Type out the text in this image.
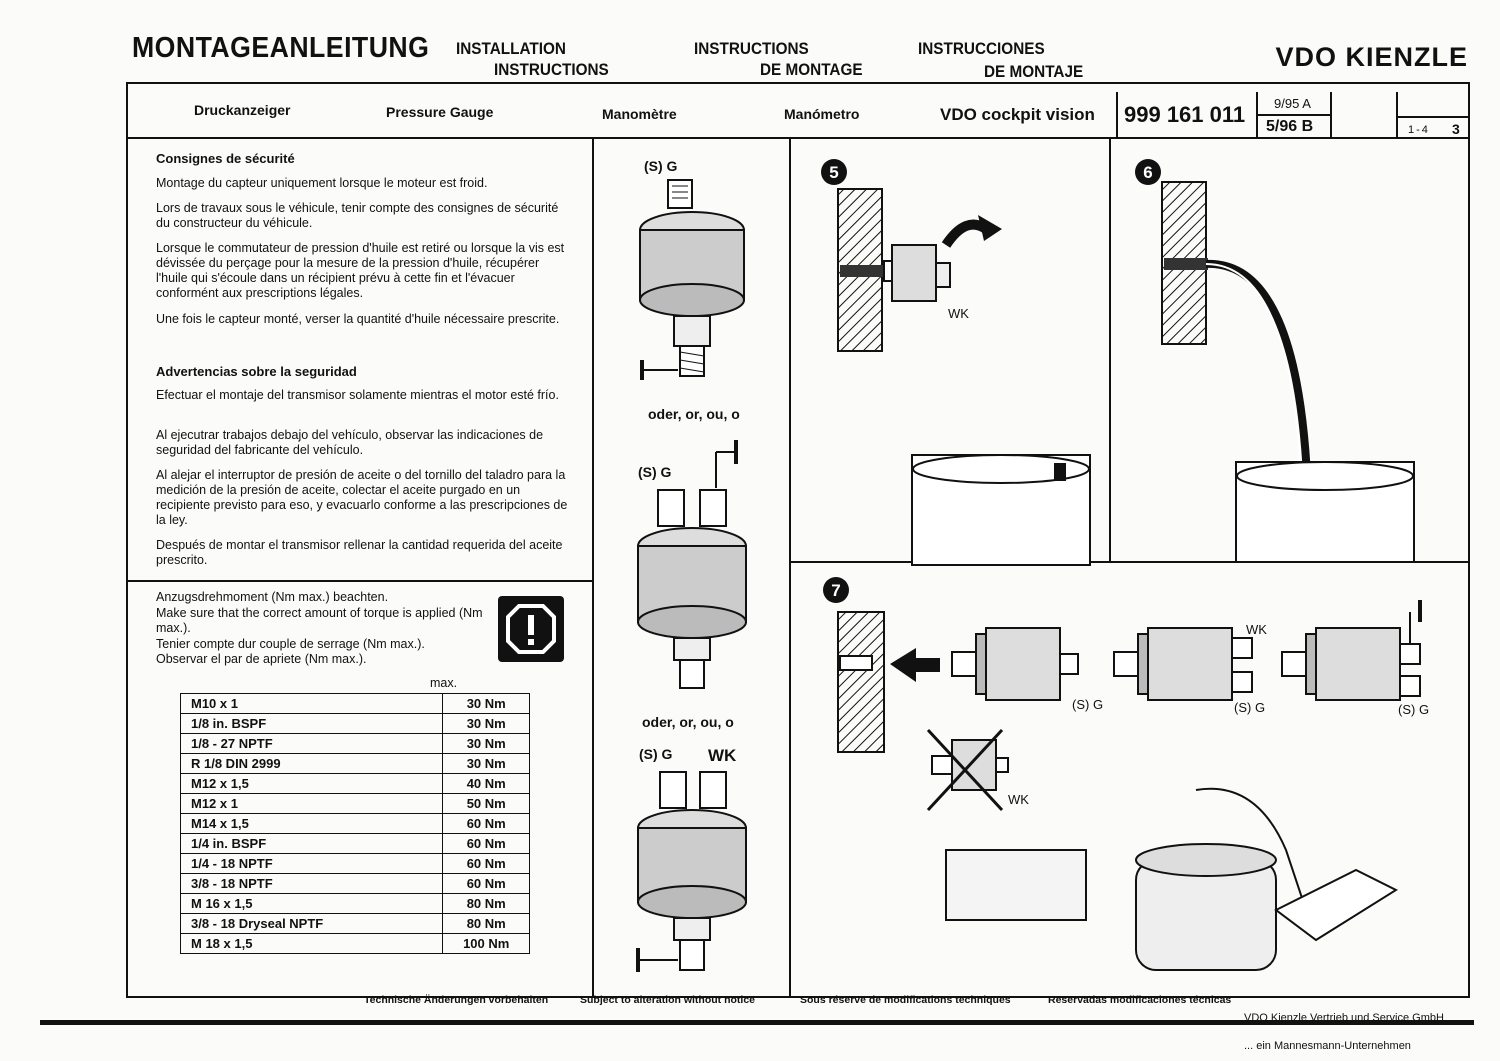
MONTAGEANLEITUNG INSTALLATION
INSTRUCTIONS
INSTRUCTIONS
DE MONTAGE
INSTRUCCIONES
DE MONTAJE	VDO KIENZLE
Druckanzeiger	Pressure Gauge	Manomètre	Manómetro	VDO cockpit vision 999 161 011 9/95 A
5/96 B	1-4 3
Consignes de sécurité
Montage du capteur uniquement lorsque le moteur est froid.
Lors de travaux sous le véhicule, tenir compte des consignes de sécurité du constructeur du véhicule.
Lorsque le commutateur de pression d'huile est retiré ou lorsque la vis est dévissée du perçage pour la mesure de la pression d'huile, récupérer l'huile qui s'écoule dans un récipient prévu à cette fin et l'évacuer conformént aux prescriptions légales.
Une fois le capteur monté, verser la quantité d'huile nécessaire prescrite.
Advertencias sobre la seguridad
Efectuar el montaje del transmisor solamente mientras el motor esté frío.
Al ejecutrar trabajos debajo del vehículo, observar las indicaciones de seguridad del fabricante del vehículo.
Al alejar el interruptor de presión de aceite o del tornillo del taladro para la medición de la presión de aceite, colectar el aceite purgado en un recipiente previsto para eso, y evacuarlo conforme a las prescripciones de la ley.
Después de montar el transmisor rellenar la cantidad requerida del aceite prescrito.
Anzugsdrehmoment (Nm max.) beachten.
Make sure that the correct amount of torque is applied (Nm max.).
Tenier compte dur couple de serrage (Nm max.).
Observar el par de apriete (Nm max.).
max.
M10 x 1	30 Nm
1/8 in. BSPF	30 Nm
1/8 - 27 NPTF	30 Nm
R 1/8 DIN 2999	30 Nm
M12 x 1,5	40 Nm
M12 x 1	50 Nm
M14 x 1,5	60 Nm
1/4 in. BSPF	60 Nm
1/4 - 18 NPTF	60 Nm
3/8 - 18 NPTF	60 Nm
M 16 x 1,5	80 Nm
3/8 - 18 Dryseal NPTF	80 Nm
M 18 x 1,5	100 Nm
(S) G
oder, or, ou, o
(S) G
oder, or, ou, o
(S) G WK
5
WK
6
7
(S) G
WK
(S) G	(S) G
WK
Technische Änderungen vorbehalten	Subject to alteration without notice	Sous réserve de modifications techniques	Reservadas modificaciones técnicas
VDO Kienzle Vertrieb und Service GmbH
... ein Mannesmann-Unternehmen
